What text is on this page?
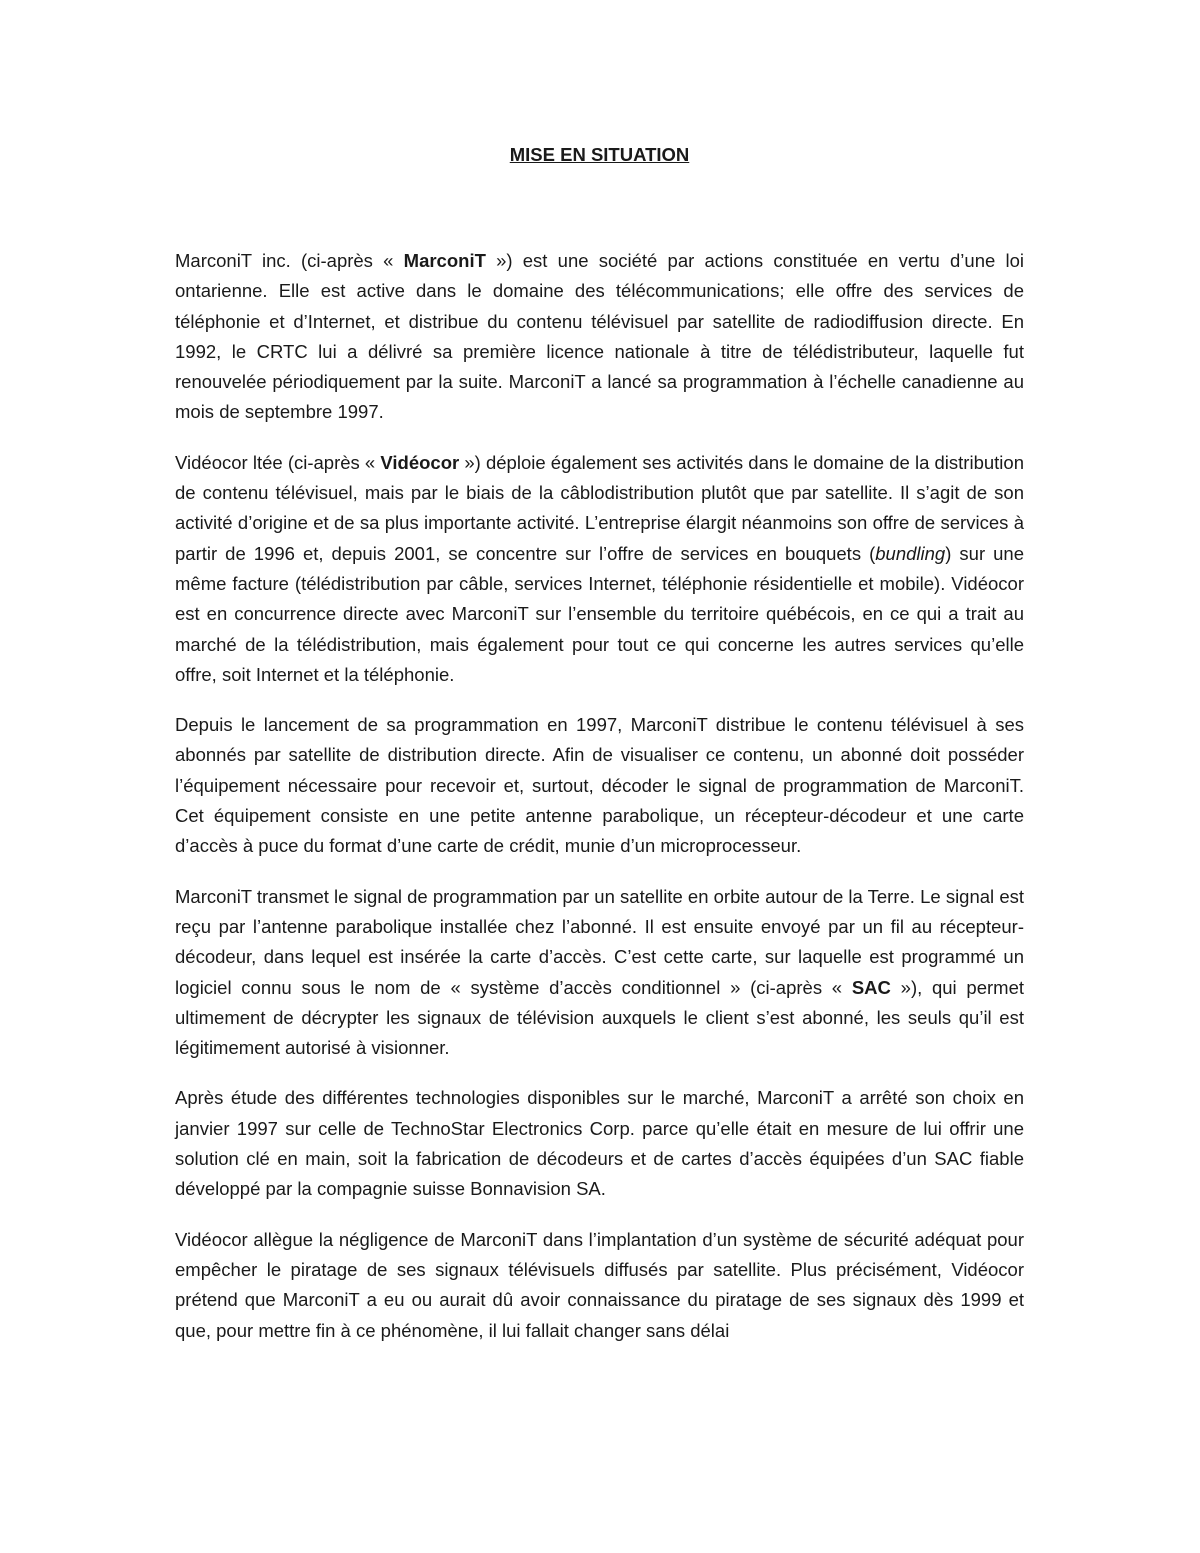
MISE EN SITUATION

MarconiT inc. (ci-après « MarconiT ») est une société par actions constituée en vertu d’une loi ontarienne. Elle est active dans le domaine des télécommunications; elle offre des services de téléphonie et d’Internet, et distribue du contenu télévisuel par satellite de radiodiffusion directe. En 1992, le CRTC lui a délivré sa première licence nationale à titre de télédistributeur, laquelle fut renouvelée périodiquement par la suite. MarconiT a lancé sa programmation à l’échelle canadienne au mois de septembre 1997.

Vidéocor ltée (ci-après « Vidéocor ») déploie également ses activités dans le domaine de la distribution de contenu télévisuel, mais par le biais de la câblodistribution plutôt que par satellite. Il s’agit de son activité d’origine et de sa plus importante activité. L’entreprise élargit néanmoins son offre de services à partir de 1996 et, depuis 2001, se concentre sur l’offre de services en bouquets (bundling) sur une même facture (télédistribution par câble, services Internet, téléphonie résidentielle et mobile). Vidéocor est en concurrence directe avec MarconiT sur l’ensemble du territoire québécois, en ce qui a trait au marché de la télédistribution, mais également pour tout ce qui concerne les autres services qu’elle offre, soit Internet et la téléphonie.

Depuis le lancement de sa programmation en 1997, MarconiT distribue le contenu télévisuel à ses abonnés par satellite de distribution directe. Afin de visualiser ce contenu, un abonné doit posséder l’équipement nécessaire pour recevoir et, surtout, décoder le signal de programmation de MarconiT. Cet équipement consiste en une petite antenne parabolique, un récepteur-décodeur et une carte d’accès à puce du format d’une carte de crédit, munie d’un microprocesseur.

MarconiT transmet le signal de programmation par un satellite en orbite autour de la Terre. Le signal est reçu par l’antenne parabolique installée chez l’abonné. Il est ensuite envoyé par un fil au récepteur-décodeur, dans lequel est insérée la carte d’accès. C’est cette carte, sur laquelle est programmé un logiciel connu sous le nom de « système d’accès conditionnel » (ci-après « SAC »), qui permet ultimement de décrypter les signaux de télévision auxquels le client s’est abonné, les seuls qu’il est légitimement autorisé à visionner.

Après étude des différentes technologies disponibles sur le marché, MarconiT a arrêté son choix en janvier 1997 sur celle de TechnoStar Electronics Corp. parce qu’elle était en mesure de lui offrir une solution clé en main, soit la fabrication de décodeurs et de cartes d’accès équipées d’un SAC fiable développé par la compagnie suisse Bonnavision SA.

Vidéocor allègue la négligence de MarconiT dans l’implantation d’un système de sécurité adéquat pour empêcher le piratage de ses signaux télévisuels diffusés par satellite. Plus précisément, Vidéocor prétend que MarconiT a eu ou aurait dû avoir connaissance du piratage de ses signaux dès 1999 et que, pour mettre fin à ce phénomène, il lui fallait changer sans délai
